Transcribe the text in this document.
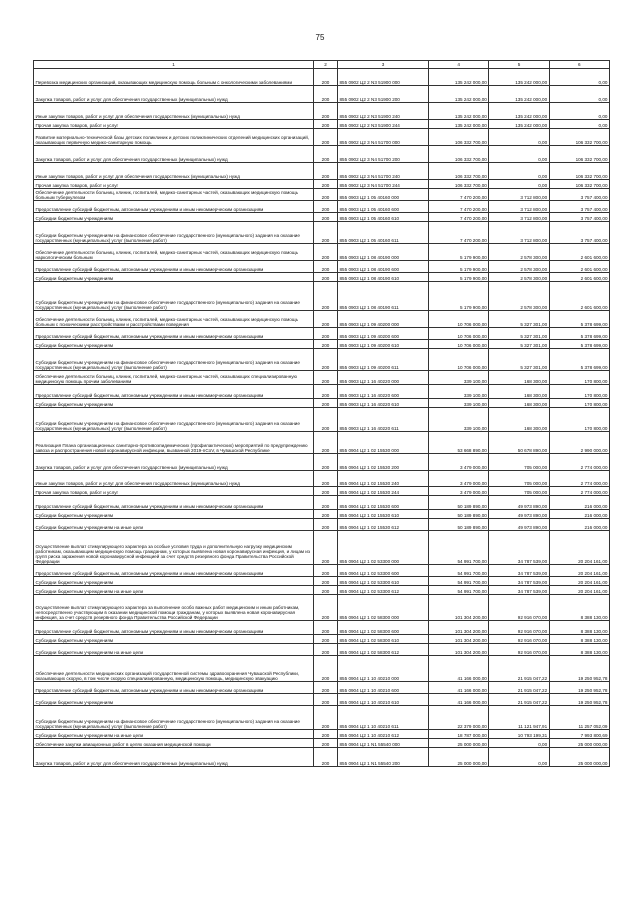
75
1	2	3	4	5	6
Перевозка медицинских организаций, оказывающих медицинскую помощь больным с онкологическими заболеваниями	200	855 0902 Ц2 2 N3 51900 000	135 242 000,00	135 242 000,00	0,00
Закупка товаров, работ и услуг для обеспечения государственных (муниципальных) нужд	200	855 0902 Ц2 2 N3 51900 200	135 242 000,00	135 242 000,00	0,00
Иные закупки товаров, работ и услуг для обеспечения государственных (муниципальных) нужд	200	855 0902 Ц2 2 N3 51900 240	135 242 000,00	135 242 000,00	0,00
Прочая закупка товаров, работ и услуг	200	855 0902 Ц2 2 N3 51900 244	135 242 000,00	135 242 000,00	0,00
Развитие материально-технической базы детских поликлиник и детских поликлинических отделений медицинских организаций, оказывающих первичную медико-санитарную помощь	200	855 0902 Ц2 3 N4 51700 000	106 332 700,00	0,00	106 332 700,00
Закупка товаров, работ и услуг для обеспечения государственных (муниципальных) нужд	200	855 0902 Ц2 3 N4 51700 200	106 332 700,00	0,00	106 332 700,00
Иные закупки товаров, работ и услуг для обеспечения государственных (муниципальных) нужд	200	855 0902 Ц2 3 N4 51700 240	106 332 700,00	0,00	106 332 700,00
Прочая закупка товаров, работ и услуг	200	855 0902 Ц2 3 N4 51700 244	106 332 700,00	0,00	106 332 700,00
Обеспечение деятельности больниц, клиник, госпиталей, медико-санитарных частей, оказывающих медицинскую помощь больным туберкулезом	200	855 0903 Ц2 1 05 40160 000	7 470 200,00	3 712 800,00	3 757 400,00
Предоставление субсидий бюджетным, автономным учреждениям и иным некоммерческим организациям	200	855 0903 Ц2 1 05 40160 600	7 470 200,00	3 712 800,00	3 757 400,00
Субсидии бюджетным учреждениям	200	855 0903 Ц2 1 05 40160 610	7 470 200,00	3 712 800,00	3 757 400,00
Субсидии бюджетным учреждениям на финансовое обеспечение государственного (муниципального) задания на оказание государственных (муниципальных) услуг (выполнение работ)	200	855 0903 Ц2 1 05 40160 611	7 470 200,00	3 712 800,00	3 757 400,00
Обеспечение деятельности больниц, клиник, госпиталей, медико-санитарных частей, оказывающих медицинскую помощь наркологическим больным	200	855 0903 Ц2 1 08 40190 000	5 179 900,00	2 578 300,00	2 601 600,00
Предоставление субсидий бюджетным, автономным учреждениям и иным некоммерческим организациям	200	855 0903 Ц2 1 08 40190 600	5 179 900,00	2 578 300,00	2 601 600,00
Субсидии бюджетным учреждениям	200	855 0903 Ц2 1 08 40190 610	5 179 900,00	2 578 300,00	2 601 600,00
Субсидии бюджетным учреждениям на финансовое обеспечение государственного (муниципального) задания на оказание государственных (муниципальных) услуг (выполнение работ)	200	855 0903 Ц2 1 08 40190 611	5 179 900,00	2 578 300,00	2 601 600,00
Обеспечение деятельности больниц, клиник, госпиталей, медико-санитарных частей, оказывающих медицинскую помощь больным с психическими расстройствами и расстройствами поведения	200	855 0903 Ц2 1 09 40200 000	10 706 000,00	5 327 301,00	5 378 699,00
Предоставление субсидий бюджетным, автономным учреждениям и иным некоммерческим организациям	200	855 0903 Ц2 1 09 40200 600	10 706 000,00	5 327 301,00	5 378 699,00
Субсидии бюджетным учреждениям	200	855 0903 Ц2 1 09 40200 610	10 706 000,00	5 327 301,00	5 378 699,00
Субсидии бюджетным учреждениям на финансовое обеспечение государственного (муниципального) задания на оказание государственных (муниципальных) услуг (выполнение работ)	200	855 0903 Ц2 1 09 40200 611	10 706 000,00	5 327 301,00	5 378 699,00
Обеспечение деятельности больниц, клиник, госпиталей, медико-санитарных частей, оказывающих специализированную медицинскую помощь прочим заболеваниям	200	855 0903 Ц2 1 16 40220 000	339 100,00	168 300,00	170 800,00
Предоставление субсидий бюджетным, автономным учреждениям и иным некоммерческим организациям	200	855 0903 Ц2 1 16 40220 600	339 100,00	168 300,00	170 800,00
Субсидии бюджетным учреждениям	200	855 0903 Ц2 1 16 40220 610	339 100,00	168 300,00	170 800,00
Субсидии бюджетным учреждениям на финансовое обеспечение государственного (муниципального) задания на оказание государственных (муниципальных) услуг (выполнение работ)	200	855 0903 Ц2 1 16 40220 611	339 100,00	168 300,00	170 800,00
Реализация Плана организационных санитарно-противоэпидемических (профилактических) мероприятий по предупреждению завоза и распространения новой коронавирусной инфекции, вызванной 2019-nCoV, в Чувашской Республике	200	855 0904 Ц2 1 02 15530 000	53 668 890,00	50 678 890,00	2 990 000,00
Закупка товаров, работ и услуг для обеспечения государственных (муниципальных) нужд	200	855 0904 Ц2 1 02 15530 200	3 479 000,00	705 000,00	2 774 000,00
Иные закупки товаров, работ и услуг для обеспечения государственных (муниципальных) нужд	200	855 0904 Ц2 1 02 15530 240	3 479 000,00	705 000,00	2 774 000,00
Прочая закупка товаров, работ и услуг	200	855 0904 Ц2 1 02 15530 244	3 479 000,00	705 000,00	2 774 000,00
Предоставление субсидий бюджетным, автономным учреждениям и иным некоммерческим организациям	200	855 0904 Ц2 1 02 15530 600	50 189 890,00	49 973 890,00	216 000,00
Субсидии бюджетным учреждениям	200	855 0904 Ц2 1 02 15530 610	50 189 890,00	49 973 890,00	216 000,00
Субсидии бюджетным учреждениям на иные цели	200	855 0904 Ц2 1 02 15530 612	50 189 890,00	49 973 890,00	216 000,00
Осуществление выплат стимулирующего характера за особые условия труда и дополнительную нагрузку медицинским работникам, оказывающим медицинскую помощь гражданам, у которых выявлена новая коронавирусная инфекция, и лицам из групп риска заражения новой коронавирусной инфекцией за счет средств резервного фонда Правительства Российской Федерации	200	855 0904 Ц2 1 02 53300 000	54 991 700,00	34 787 539,00	20 204 161,00
Предоставление субсидий бюджетным, автономным учреждениям и иным некоммерческим организациям	200	855 0904 Ц2 1 02 53300 600	54 991 700,00	34 787 539,00	20 204 161,00
Субсидии бюджетным учреждениям	200	855 0904 Ц2 1 02 53300 610	54 991 700,00	34 787 539,00	20 204 161,00
Субсидии бюджетным учреждениям на иные цели	200	855 0904 Ц2 1 02 53300 612	54 991 700,00	34 787 539,00	20 204 161,00
Осуществление выплат стимулирующего характера за выполнение особо важных работ медицинским и иным работникам, непосредственно участвующим в оказании медицинской помощи гражданам, у которых выявлена новая коронавирусная инфекция, за счет средств резервного фонда Правительства Российской Федерации	200	855 0904 Ц2 1 02 58300 000	101 304 200,00	92 916 070,00	8 388 130,00
Предоставление субсидий бюджетным, автономным учреждениям и иным некоммерческим организациям	200	855 0904 Ц2 1 02 58300 600	101 304 200,00	92 916 070,00	8 388 130,00
Субсидии бюджетным учреждениям	200	855 0904 Ц2 1 02 58300 610	101 304 200,00	92 916 070,00	8 388 130,00
Субсидии бюджетным учреждениям на иные цели	200	855 0904 Ц2 1 02 58300 612	101 304 200,00	92 916 070,00	8 388 130,00
Обеспечение деятельности медицинских организаций государственной системы здравоохранения Чувашской Республики, оказывающих скорую, в том числе скорую специализированную, медицинскую помощь, медицинскую эвакуацию	200	855 0904 Ц2 1 10 40210 000	41 166 000,00	21 915 047,22	19 250 952,78
Предоставление субсидий бюджетным, автономным учреждениям и иным некоммерческим организациям	200	855 0904 Ц2 1 10 40210 600	41 166 000,00	21 915 047,22	19 250 952,78
Субсидии бюджетным учреждениям	200	855 0904 Ц2 1 10 40210 610	41 166 000,00	21 915 047,22	19 250 952,78
Субсидии бюджетным учреждениям на финансовое обеспечение государственного (муниципального) задания на оказание государственных (муниципальных) услуг (выполнение работ)	200	855 0904 Ц2 1 10 40210 611	22 379 000,00	11 121 947,91	11 257 052,09
Субсидии бюджетным учреждениям на иные цели	200	855 0904 Ц2 1 10 40210 612	18 787 000,00	10 793 199,31	7 993 800,69
Обеспечение закупки авиационных работ в целях оказания медицинской помощи	200	855 0904 Ц2 1 N1 55540 000	25 000 000,00	0,00	25 000 000,00
Закупка товаров, работ и услуг для обеспечения государственных (муниципальных) нужд	200	855 0904 Ц2 1 N1 55540 200	25 000 000,00	0,00	25 000 000,00
